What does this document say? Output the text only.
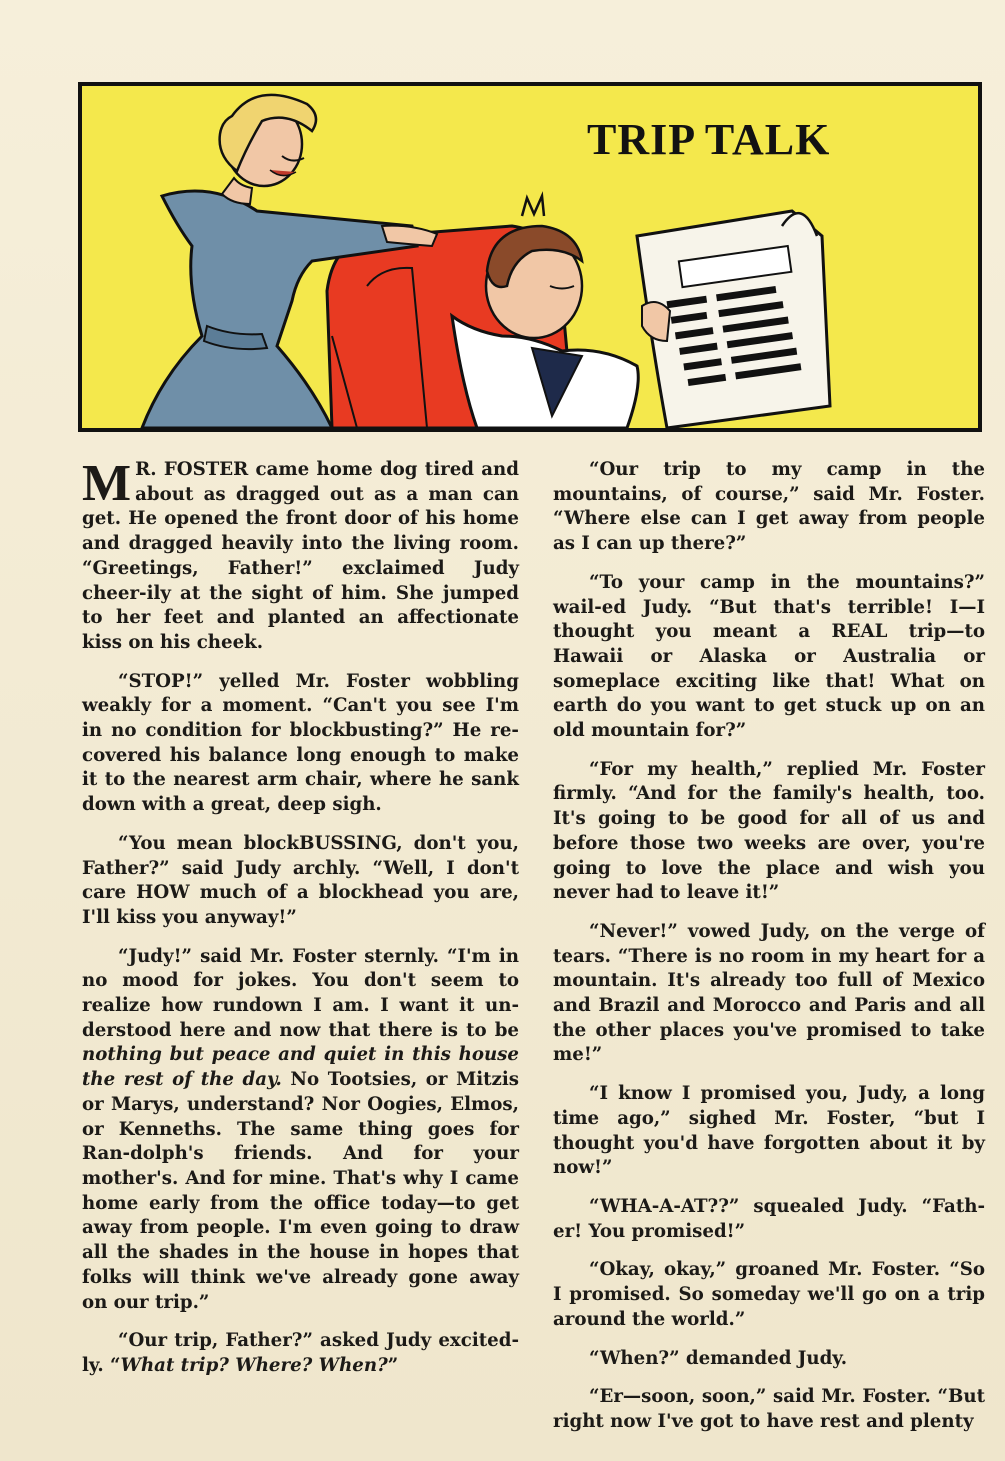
TRIP TALK

M R. FOSTER came home dog tired and about as dragged out as a man can get. He opened the front door of his home and dragged heavily into the living room. “Greetings, Father!” exclaimed Judy cheer-ily at the sight of him. She jumped to her feet and planted an affectionate kiss on his cheek.

“STOP!” yelled Mr. Foster wobbling weakly for a moment. “Can't you see I'm in no condition for blockbusting?” He re-covered his balance long enough to make it to the nearest arm chair, where he sank down with a great, deep sigh.

“You mean blockBUSSING, don't you, Father?” said Judy archly. “Well, I don't care HOW much of a blockhead you are, I'll kiss you anyway!”

“Judy!” said Mr. Foster sternly. “I'm in no mood for jokes. You don't seem to realize how rundown I am. I want it un-derstood here and now that there is to be nothing but peace and quiet in this house the rest of the day. No Tootsies, or Mitzis or Marys, understand? Nor Oogies, Elmos, or Kenneths. The same thing goes for Ran-dolph's friends. And for your mother's. And for mine. That's why I came home early from the office today—to get away from people. I'm even going to draw all the shades in the house in hopes that folks will think we've already gone away on our trip.”

“Our trip, Father?” asked Judy excited-ly. “What trip? Where? When?”

“Our trip to my camp in the mountains, of course,” said Mr. Foster. “Where else can I get away from people as I can up there?”

“To your camp in the mountains?” wail-ed Judy. “But that's terrible! I—I thought you meant a REAL trip—to Hawaii or Alaska or Australia or someplace exciting like that! What on earth do you want to get stuck up on an old mountain for?”

“For my health,” replied Mr. Foster firmly. “And for the family's health, too. It's going to be good for all of us and before those two weeks are over, you're going to love the place and wish you never had to leave it!”

“Never!” vowed Judy, on the verge of tears. “There is no room in my heart for a mountain. It's already too full of Mexico and Brazil and Morocco and Paris and all the other places you've promised to take me!”

“I know I promised you, Judy, a long time ago,” sighed Mr. Foster, “but I thought you'd have forgotten about it by now!”

“WHA-A-AT??” squealed Judy. “Fath-er! You promised!”

“Okay, okay,” groaned Mr. Foster. “So I promised. So someday we'll go on a trip around the world.”

“When?” demanded Judy.

“Er—soon, soon,” said Mr. Foster. “But right now I've got to have rest and plenty
